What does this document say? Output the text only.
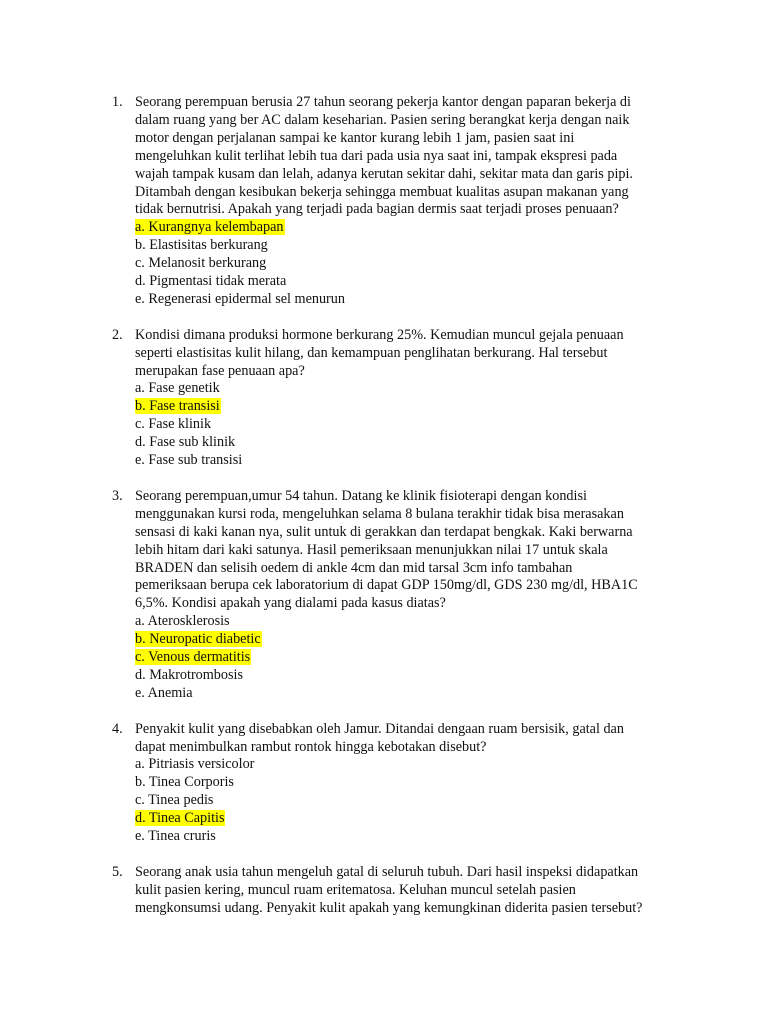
1. Seorang perempuan berusia 27 tahun seorang pekerja kantor dengan paparan bekerja di
dalam ruang yang ber AC dalam keseharian. Pasien sering berangkat kerja dengan naik
motor dengan perjalanan sampai ke kantor kurang lebih 1 jam, pasien saat ini
mengeluhkan kulit terlihat lebih tua dari pada usia nya saat ini, tampak ekspresi pada
wajah tampak kusam dan lelah, adanya kerutan sekitar dahi, sekitar mata dan garis pipi.
Ditambah dengan kesibukan bekerja sehingga membuat kualitas asupan makanan yang
tidak bernutrisi. Apakah yang terjadi pada bagian dermis saat terjadi proses penuaan?
a. Kurangnya kelembapan
b. Elastisitas berkurang
c. Melanosit berkurang
d. Pigmentasi tidak merata
e. Regenerasi epidermal sel menurun
2. Kondisi dimana produksi hormone berkurang 25%. Kemudian muncul gejala penuaan
seperti elastisitas kulit hilang, dan kemampuan penglihatan berkurang. Hal tersebut
merupakan fase penuaan apa?
a. Fase genetik
b. Fase transisi
c. Fase klinik
d. Fase sub klinik
e. Fase sub transisi
3. Seorang perempuan,umur 54 tahun. Datang ke klinik fisioterapi dengan kondisi
menggunakan kursi roda, mengeluhkan selama 8 bulana terakhir tidak bisa merasakan
sensasi di kaki kanan nya, sulit untuk di gerakkan dan terdapat bengkak. Kaki berwarna
lebih hitam dari kaki satunya. Hasil pemeriksaan menunjukkan nilai 17 untuk skala
BRADEN dan selisih oedem di ankle 4cm dan mid tarsal 3cm info tambahan
pemeriksaan berupa cek laboratorium di dapat GDP 150mg/dl, GDS 230 mg/dl, HBA1C
6,5%. Kondisi apakah yang dialami pada kasus diatas?
a. Aterosklerosis
b. Neuropatic diabetic
c. Venous dermatitis
d. Makrotrombosis
e. Anemia
4. Penyakit kulit yang disebabkan oleh Jamur. Ditandai dengaan ruam bersisik, gatal dan
dapat menimbulkan rambut rontok hingga kebotakan disebut?
a. Pitriasis versicolor
b. Tinea Corporis
c. Tinea pedis
d. Tinea Capitis
e. Tinea cruris
5. Seorang anak usia tahun mengeluh gatal di seluruh tubuh. Dari hasil inspeksi didapatkan
kulit pasien kering, muncul ruam eritematosa. Keluhan muncul setelah pasien
mengkonsumsi udang. Penyakit kulit apakah yang kemungkinan diderita pasien tersebut?
